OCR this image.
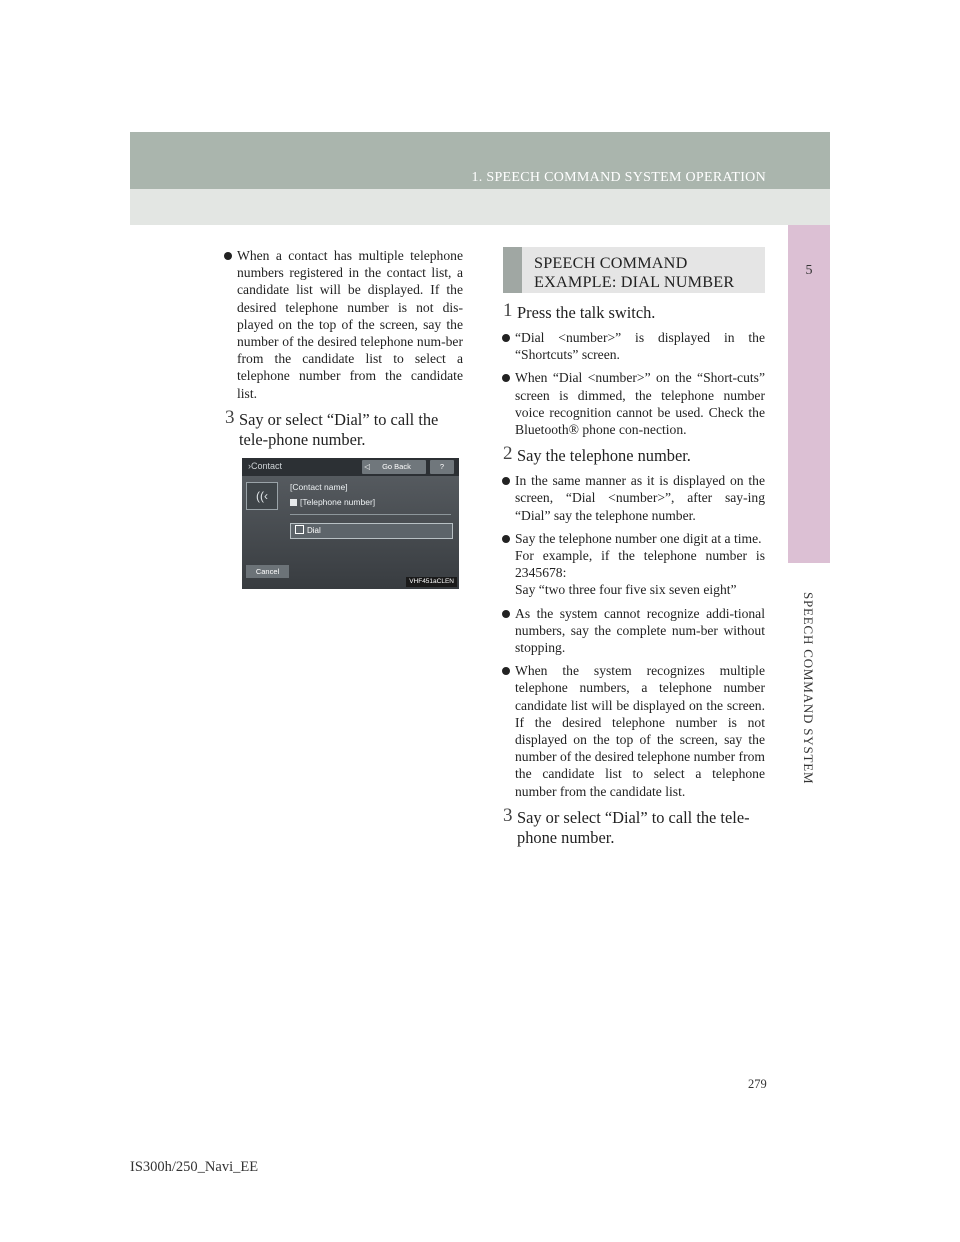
1. SPEECH COMMAND SYSTEM OPERATION
5
SPEECH COMMAND SYSTEM
When a contact has multiple telephone numbers registered in the contact list, a candidate list will be displayed. If the desired telephone number is not dis-played on the top of the screen, say the number of the desired telephone num-ber from the candidate list to select a telephone number from the candidate list.
3 Say or select “Dial” to call the tele-phone number.
›Contact	◁ Go Back	?
((‹
[Contact name]
[Telephone number]
Dial
Cancel
VHF451aCLEN
SPEECH COMMAND
EXAMPLE: DIAL NUMBER
1 Press the talk switch.
“Dial <number>” is displayed in the “Shortcuts” screen.
When “Dial <number>” on the “Short-cuts” screen is dimmed, the telephone number voice recognition cannot be used. Check the Bluetooth® phone con-nection.
2 Say the telephone number.
In the same manner as it is displayed on the screen, “Dial <number>”, after say-ing “Dial” say the telephone number.
Say the telephone number one digit at a time.
For example, if the telephone number is 2345678:
Say “two three four five six seven eight”
As the system cannot recognize addi-tional numbers, say the complete num-ber without stopping.
When the system recognizes multiple telephone numbers, a telephone number candidate list will be displayed on the screen. If the desired telephone number is not displayed on the top of the screen, say the number of the desired telephone number from the candidate list to select a telephone number from the candidate list.
3 Say or select “Dial” to call the tele-phone number.
279
IS300h/250_Navi_EE
